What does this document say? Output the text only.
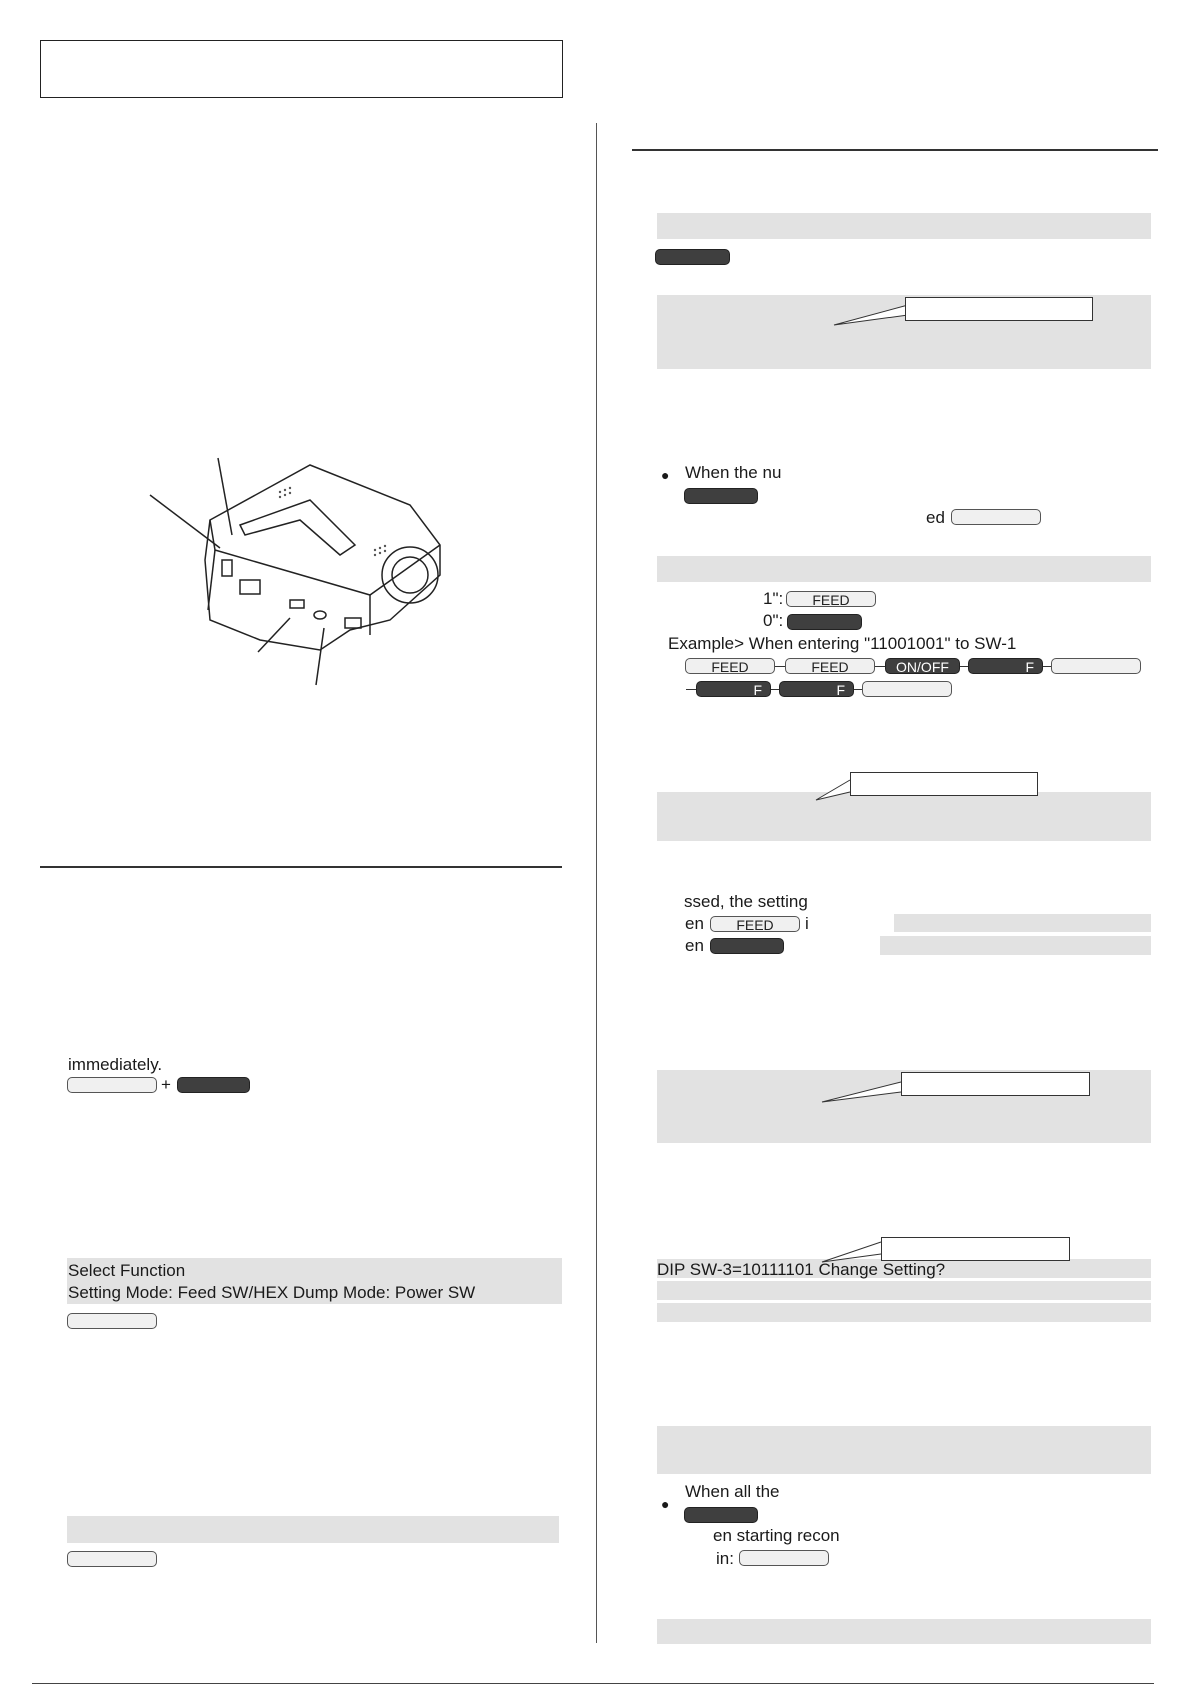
immediately.
+
Select Function
Setting Mode: Feed SW/HEX Dump Mode: Power SW
● When the nu
ed
1":	FEED
0":
Example> When entering "11001001" to SW-1
FEED	FEED	ON/OFF	F
F	F
ssed, the setting
en	FEED	i
en
DIP SW-3=10111101 Change Setting?
●
When all the
en starting recon
in:
